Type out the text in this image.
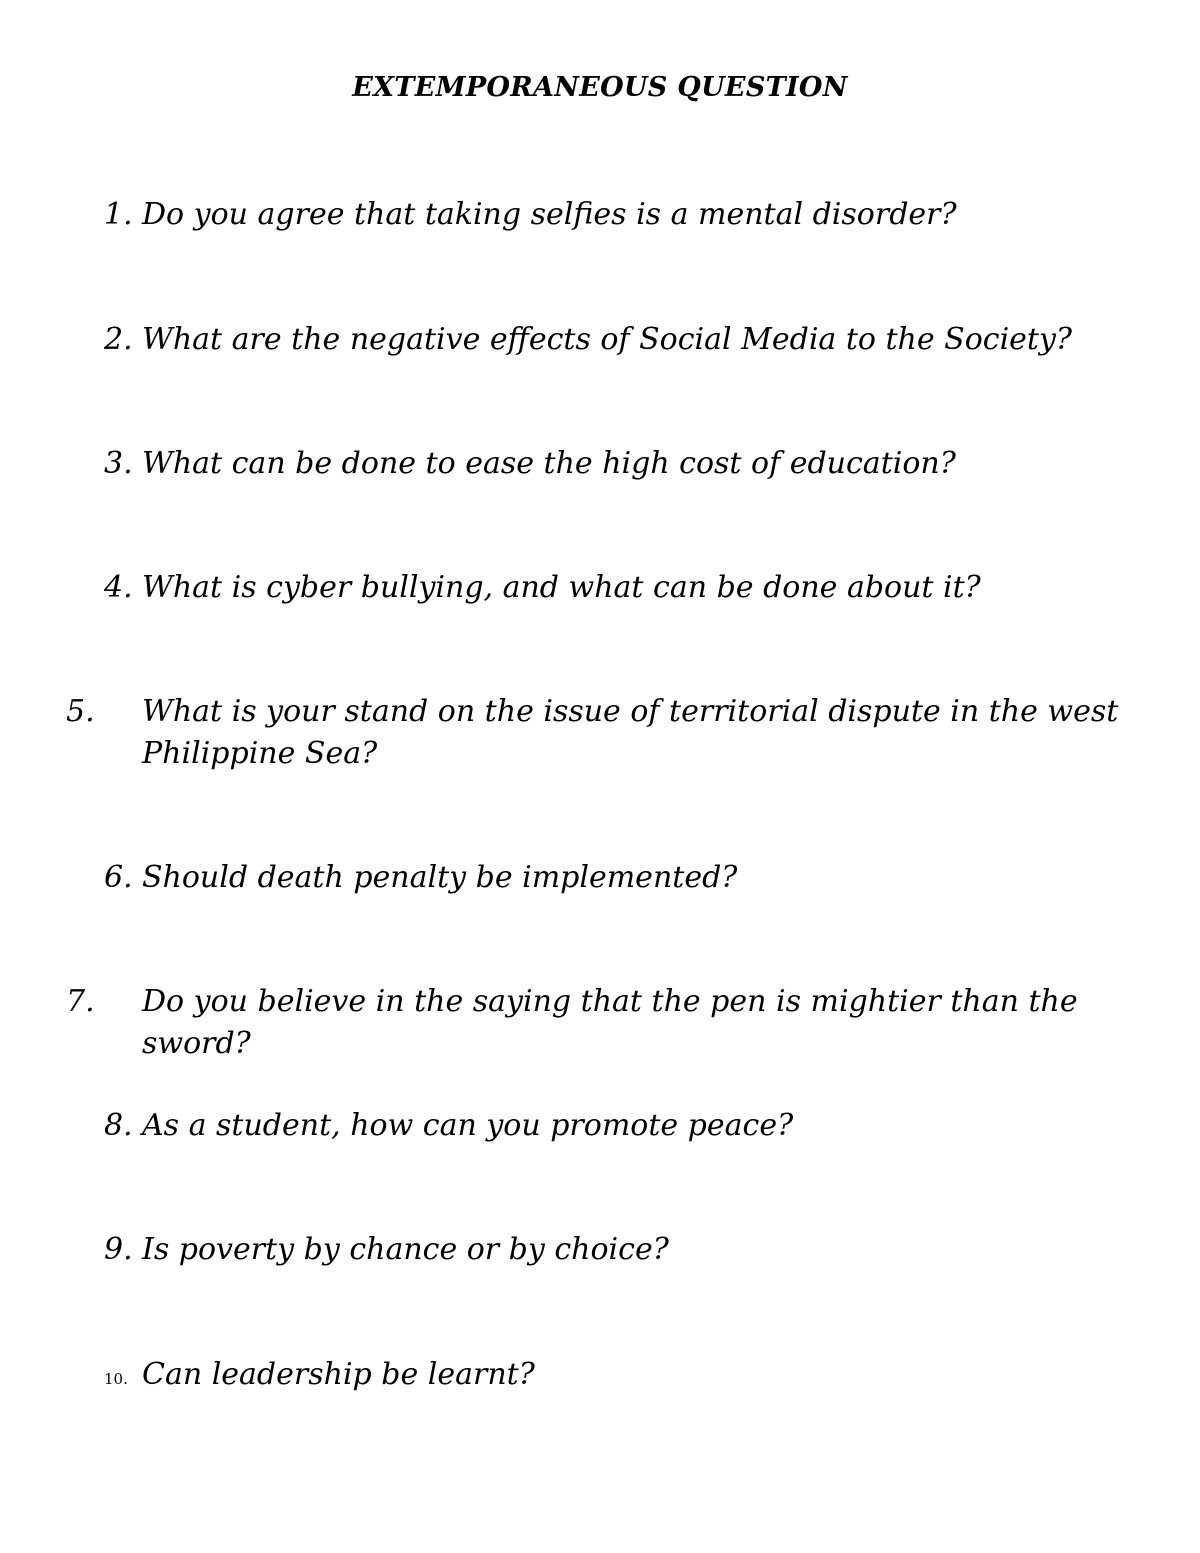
EXTEMPORANEOUS QUESTION
1. Do you agree that taking selfies is a mental disorder?
2. What are the negative effects of Social Media to the Society?
3. What can be done to ease the high cost of education?
4. What is cyber bullying, and what can be done about it?
5. What is your stand on the issue of territorial dispute in the west Philippine Sea?
6. Should death penalty be implemented?
7. Do you believe in the saying that the pen is mightier than the sword?
8. As a student, how can you promote peace?
9. Is poverty by chance or by choice?
10. Can leadership be learnt?
